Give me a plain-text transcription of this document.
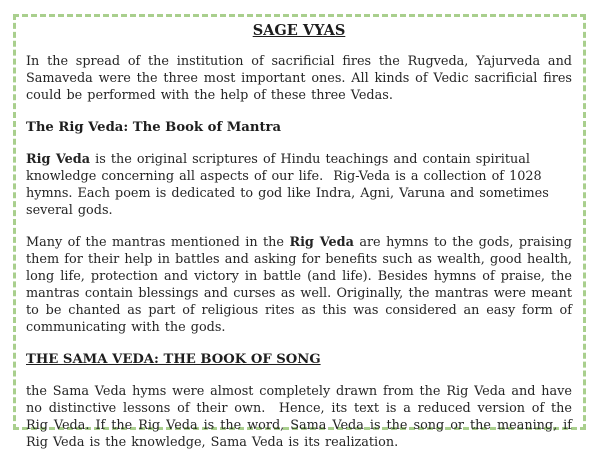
SAGE VYAS

In the spread of the institution of sacrificial fires the Rugveda, Yajurveda and Samaveda were the three most important ones. All kinds of Vedic sacrificial fires could be performed with the help of these three Vedas.

The Rig Veda: The Book of Mantra

Rig Veda is the original scriptures of Hindu teachings and contain spiritual knowledge concerning all aspects of our life.  Rig-Veda is a collection of 1028 hymns. Each poem is dedicated to god like Indra, Agni, Varuna and sometimes several gods.

Many of the mantras mentioned in the Rig Veda are hymns to the gods, praising them for their help in battles and asking for benefits such as wealth, good health, long life, protection and victory in battle (and life). Besides hymns of praise, the mantras contain blessings and curses as well. Originally, the mantras were meant to be chanted as part of religious rites as this was considered an easy form of communicating with the gods.

THE SAMA VEDA: THE BOOK OF SONG

the Sama Veda hyms were almost completely drawn from the Rig Veda and have no distinctive lessons of their own.  Hence, its text is a reduced version of the Rig Veda. If the Rig Veda is the word, Sama Veda is the song or the meaning, if Rig Veda is the knowledge, Sama Veda is its realization.
